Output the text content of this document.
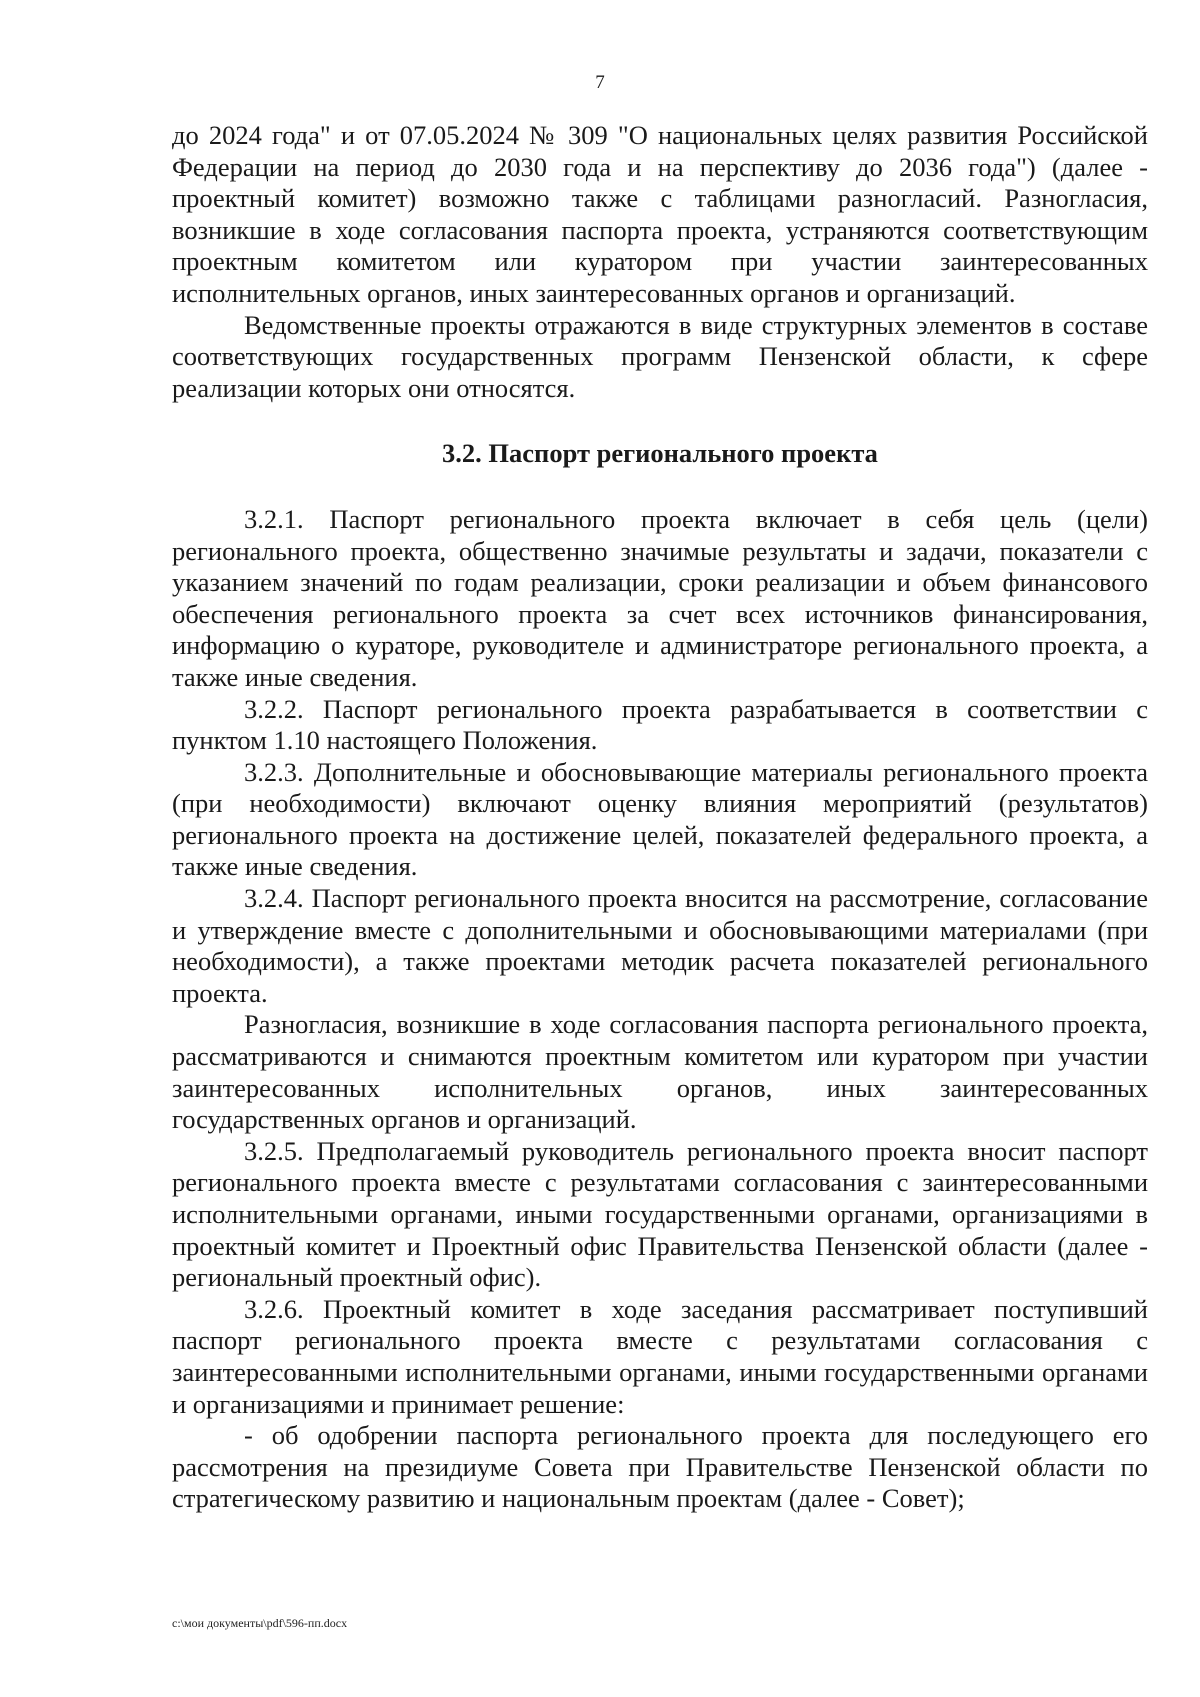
7

до 2024 года" и от 07.05.2024 № 309 "О национальных целях развития Российской Федерации на период до 2030 года и на перспективу до 2036 года") (далее - проектный комитет) возможно также с таблицами разногласий. Разногласия, возникшие в ходе согласования паспорта проекта, устраняются соответствующим проектным комитетом или куратором при участии заинтересованных исполнительных органов, иных заинтересованных органов и организаций.

Ведомственные проекты отражаются в виде структурных элементов в составе соответствующих государственных программ Пензенской области, к сфере реализации которых они относятся.

3.2. Паспорт регионального проекта

3.2.1. Паспорт регионального проекта включает в себя цель (цели) регионального проекта, общественно значимые результаты и задачи, показатели с указанием значений по годам реализации, сроки реализации и объем финансового обеспечения регионального проекта за счет всех источников финансирования, информацию о кураторе, руководителе и администраторе регионального проекта, а также иные сведения.

3.2.2. Паспорт регионального проекта разрабатывается в соответствии с пунктом 1.10 настоящего Положения.

3.2.3. Дополнительные и обосновывающие материалы регионального проекта (при необходимости) включают оценку влияния мероприятий (результатов) регионального проекта на достижение целей, показателей федерального проекта, а также иные сведения.

3.2.4. Паспорт регионального проекта вносится на рассмотрение, согласование и утверждение вместе с дополнительными и обосновывающими материалами (при необходимости), а также проектами методик расчета показателей регионального проекта.

Разногласия, возникшие в ходе согласования паспорта регионального проекта, рассматриваются и снимаются проектным комитетом или куратором при участии заинтересованных исполнительных органов, иных заинтересованных государственных органов и организаций.

3.2.5. Предполагаемый руководитель регионального проекта вносит паспорт регионального проекта вместе с результатами согласования с заинтересованными исполнительными органами, иными государственными органами, организациями в проектный комитет и Проектный офис Правительства Пензенской области (далее - региональный проектный офис).

3.2.6. Проектный комитет в ходе заседания рассматривает поступивший паспорт регионального проекта вместе с результатами согласования с заинтересованными исполнительными органами, иными государственными органами и организациями и принимает решение:

- об одобрении паспорта регионального проекта для последующего его рассмотрения на президиуме Совета при Правительстве Пензенской области по стратегическому развитию и национальным проектам (далее - Совет);

c:\мои документы\pdf\596-пп.docx
